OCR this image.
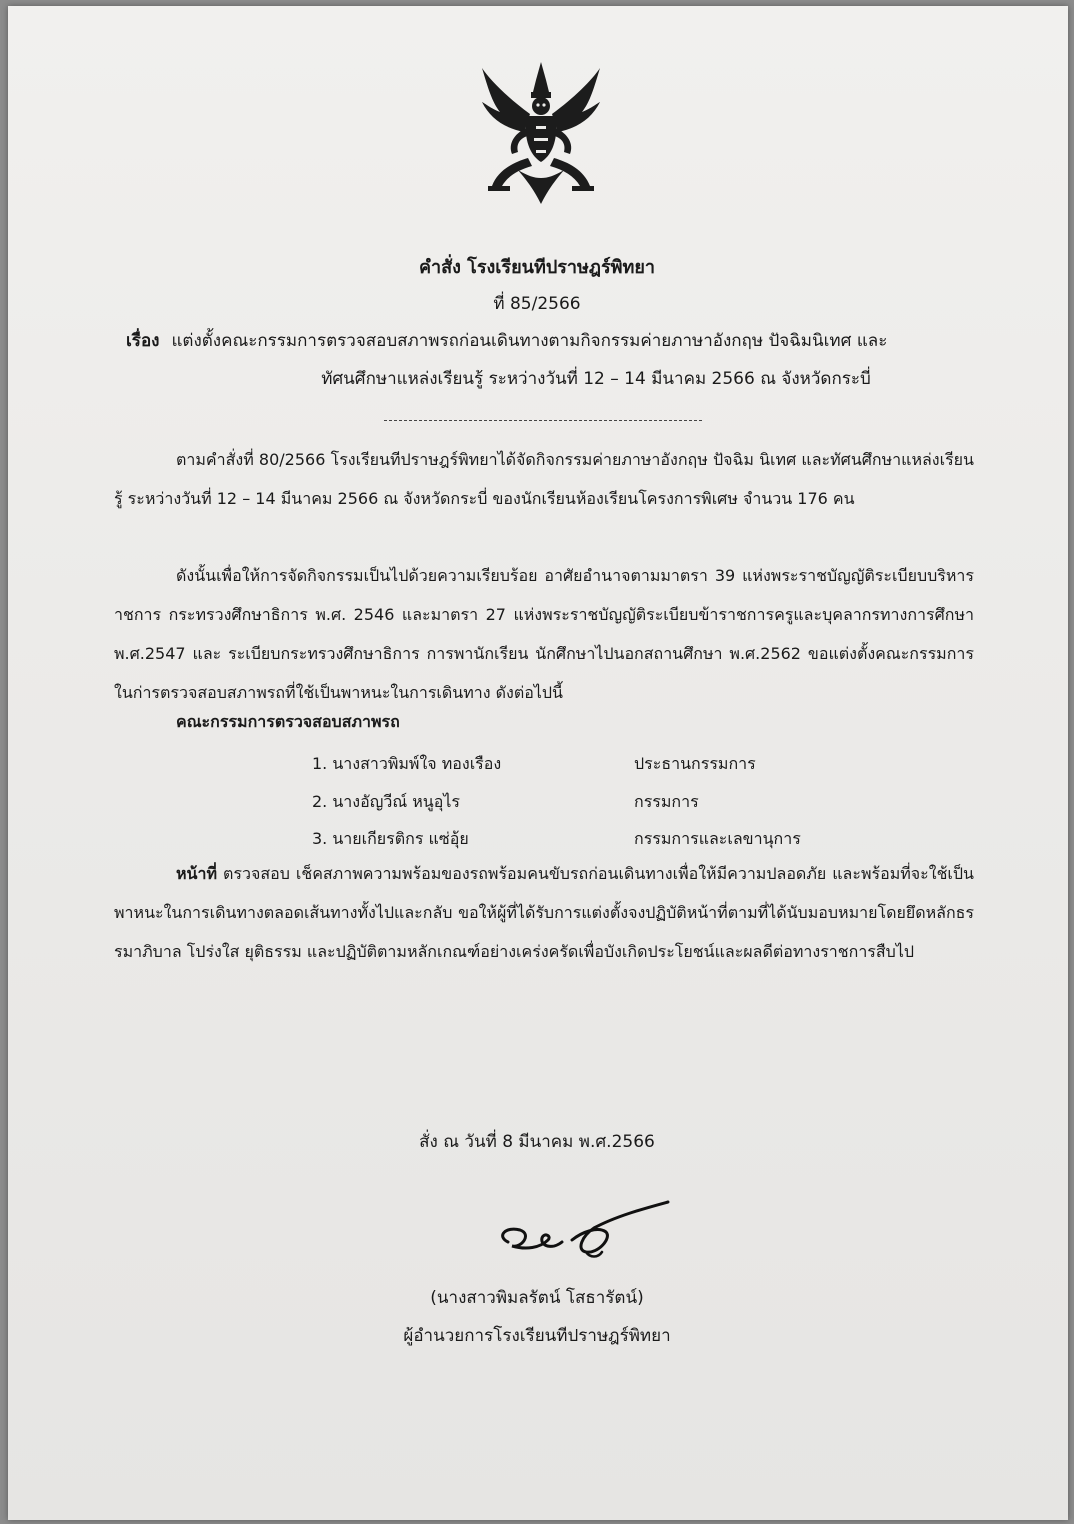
คำสั่ง โรงเรียนทีปราษฎร์พิทยา
ที่ 85/2566
เรื่อง แต่งตั้งคณะกรรมการตรวจสอบสภาพรถก่อนเดินทางตามกิจกรรมค่ายภาษาอังกฤษ ปัจฉิมนิเทศ และ
ทัศนศึกษาแหล่งเรียนรู้ ระหว่างวันที่ 12 – 14 มีนาคม 2566 ณ จังหวัดกระบี่
ตามคำสั่งที่ 80/2566 โรงเรียนทีปราษฎร์พิทยาได้จัดกิจกรรมค่ายภาษาอังกฤษ ปัจฉิม นิเทศ และทัศนศึกษาแหล่งเรียนรู้ ระหว่างวันที่ 12 – 14 มีนาคม 2566 ณ จังหวัดกระบี่ ของนักเรียนห้องเรียนโครงการพิเศษ จำนวน 176 คน
ดังนั้นเพื่อให้การจัดกิจกรรมเป็นไปด้วยความเรียบร้อย อาศัยอำนาจตามมาตรา 39 แห่งพระราชบัญญัติระเบียบบริหาราชการ กระทรวงศึกษาธิการ พ.ศ. 2546 และมาตรา 27 แห่งพระราชบัญญัติระเบียบข้าราชการครูและบุคลากรทางการศึกษา พ.ศ.2547 และ ระเบียบกระทรวงศึกษาธิการ การพานักเรียน นักศึกษาไปนอกสถานศึกษา พ.ศ.2562 ขอแต่งตั้งคณะกรรมการในก่ารตรวจสอบสภาพรถที่ใช้เป็นพาหนะในการเดินทาง ดังต่อไปนี้
คณะกรรมการตรวจสอบสภาพรถ
1. นางสาวพิมพ์ใจ ทองเรือง	ประธานกรรมการ
2. นางอัญวีณ์ หนูอุไร	กรรมการ
3. นายเกียรติกร แซ่อุ้ย	กรรมการและเลขานุการ
หน้าที่ ตรวจสอบ เช็คสภาพความพร้อมของรถพร้อมคนขับรถก่อนเดินทางเพื่อให้มีความปลอดภัย และพร้อมที่จะใช้เป็นพาหนะในการเดินทางตลอดเส้นทางทั้งไปและกลับ ขอให้ผู้ที่ได้รับการแต่งตั้งจงปฏิบัติหน้าที่ตามที่ได้นับมอบหมายโดยยึดหลักธรรมาภิบาล โปร่งใส ยุติธรรม และปฏิบัติตามหลักเกณฑ์อย่างเคร่งครัดเพื่อบังเกิดประโยชน์และผลดีต่อทางราชการสืบไป
สั่ง ณ วันที่ 8 มีนาคม พ.ศ.2566
(นางสาวพิมลรัตน์ โสธารัตน์)
ผู้อำนวยการโรงเรียนทีปราษฎร์พิทยา
